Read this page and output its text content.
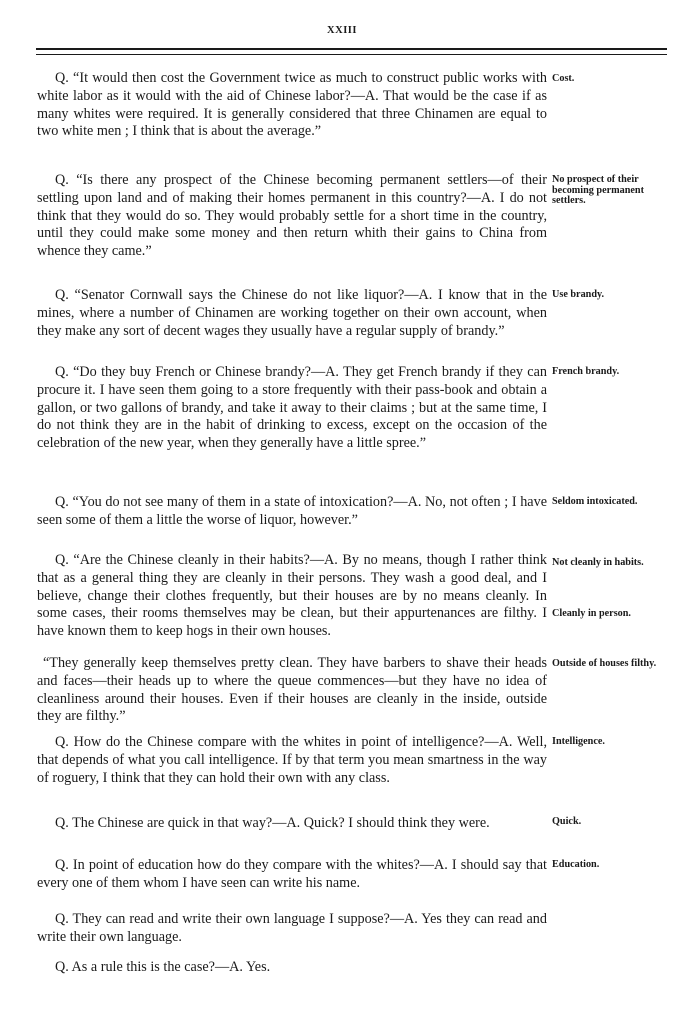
XXIII

Q. “It would then cost the Government twice as much to construct public works with white labor as it would with the aid of Chinese labor?—A. That would be the case if as many whites were required. It is generally considered that three Chinamen are equal to two white men ; I think that is about the average.”

Q. “Is there any prospect of the Chinese becoming permanent settlers—of their settling upon land and of making their homes permanent in this country?—A. I do not think that they would do so. They would probably settle for a short time in the country, until they could make some money and then return whith their gains to China from whence they came.”

Q. “Senator Cornwall says the Chinese do not like liquor?—A. I know that in the mines, where a number of Chinamen are working together on their own account, when they make any sort of decent wages they usually have a regular supply of brandy.”

Q. “Do they buy French or Chinese brandy?—A. They get French brandy if they can procure it. I have seen them going to a store frequently with their pass-book and obtain a gallon, or two gallons of brandy, and take it away to their claims ; but at the same time, I do not think they are in the habit of drinking to excess, except on the occasion of the celebration of the new year, when they generally have a little spree.”

Q. “You do not see many of them in a state of intoxication?—A. No, not often ; I have seen some of them a little the worse of liquor, however.”

Q. “Are the Chinese cleanly in their habits?—A. By no means, though I rather think that as a general thing they are cleanly in their persons. They wash a good deal, and I believe, change their clothes frequently, but their houses are by no means cleanly. In some cases, their rooms themselves may be clean, but their appurtenances are filthy. I have known them to keep hogs in their own houses.

“They generally keep themselves pretty clean. They have barbers to shave their heads and faces—their heads up to where the queue commences—but they have no idea of cleanliness around their houses. Even if their houses are cleanly in the inside, outside they are filthy.”

Q. How do the Chinese compare with the whites in point of intelligence?—A. Well, that depends of what you call intelligence. If by that term you mean smartness in the way of roguery, I think that they can hold their own with any class.

Q. The Chinese are quick in that way?—A. Quick? I should think they were.

Q. In point of education how do they compare with the whites?—A. I should say that every one of them whom I have seen can write his name.

Q. They can read and write their own language I suppose?—A. Yes they can read and write their own language.

Q. As a rule this is the case?—A. Yes.

Cost.

No prospect of their becoming permanent settlers.

Use brandy.

French brandy.

Seldom intoxicated.

Not cleanly in habits.

Cleanly in person.

Outside of houses filthy.

Intelligence.

Quick.

Education.
